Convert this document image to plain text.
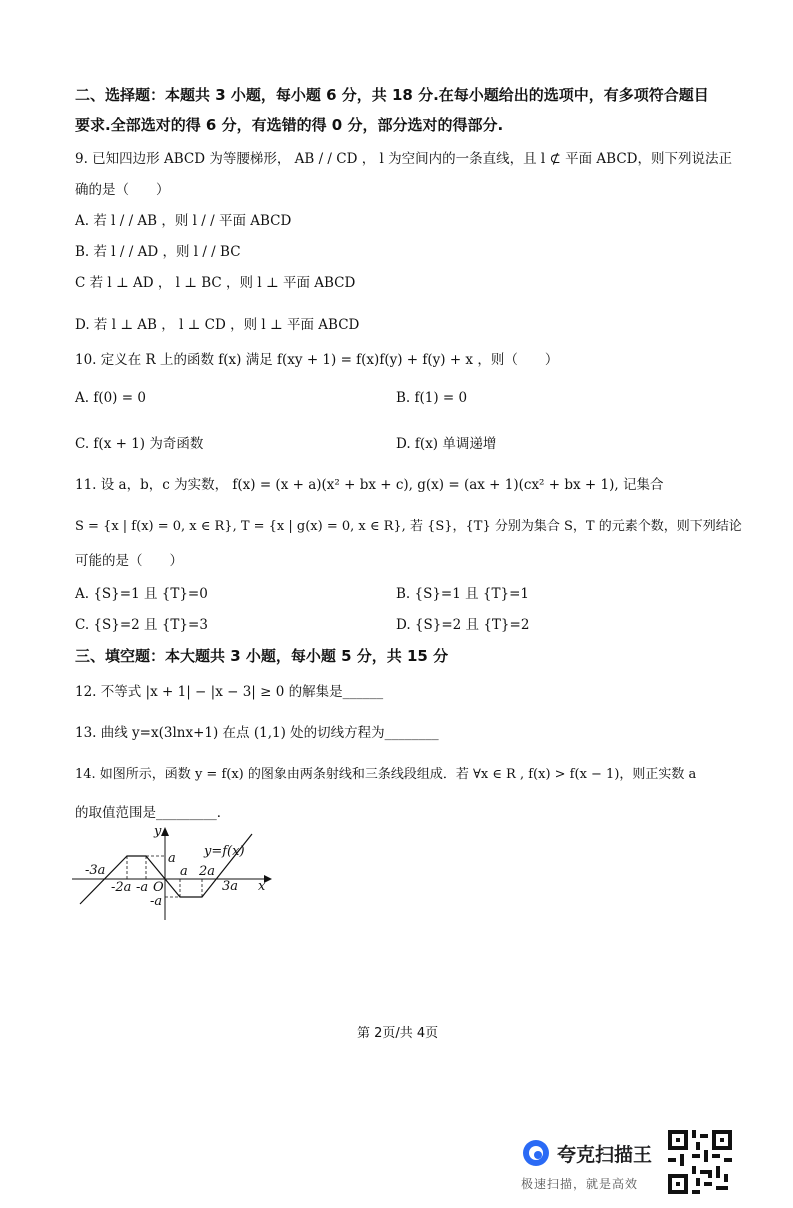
二、选择题：本题共 3 小题，每小题 6 分，共 18 分.在每小题给出的选项中，有多项符合题目
要求.全部选对的得 6 分，有选错的得 0 分，部分选对的得部分.
9. 已知四边形 ABCD 为等腰梯形， AB / / CD ， l 为空间内的一条直线，且 l ⊄ 平面 ABCD，则下列说法正
确的是（　　）
A. 若 l / / AB ，则 l / / 平面 ABCD
B. 若 l / / AD ，则 l / / BC
C 若 l ⊥ AD ， l ⊥ BC ，则 l ⊥ 平面 ABCD
D. 若 l ⊥ AB ， l ⊥ CD ，则 l ⊥ 平面 ABCD
10. 定义在 R 上的函数 f(x) 满足 f(xy + 1) = f(x)f(y) + f(y) + x ，则（　　）
A. f(0) = 0	B. f(1) = 0
C. f(x + 1) 为奇函数	D. f(x) 单调递增
11. 设 a，b，c 为实数， f(x) = (x + a)(x² + bx + c), g(x) = (ax + 1)(cx² + bx + 1), 记集合
S = {x | f(x) = 0, x ∈ R}, T = {x | g(x) = 0, x ∈ R}, 若 {S}，{T} 分别为集合 S，T 的元素个数，则下列结论
可能的是（　　）
A. {S}=1 且 {T}=0	B. {S}=1 且 {T}=1
C. {S}=2 且 {T}=3	D. {S}=2 且 {T}=2
三、填空题：本大题共 3 小题，每小题 5 分，共 15 分
12. 不等式 |x + 1| − |x − 3| ≥ 0 的解集是______
13. 曲线 y=x(3lnx+1) 在点 (1,1) 处的切线方程为________
14. 如图所示，函数 y = f(x) 的图象由两条射线和三条线段组成．若 ∀x ∈ R , f(x) > f(x − 1)，则正实数 a
的取值范围是_________．
y
x
y=f(x)
a
-3a
-2a -a O
a 2a
3a
-a
第 2页/共 4页
夸克扫描王
极速扫描，就是高效
